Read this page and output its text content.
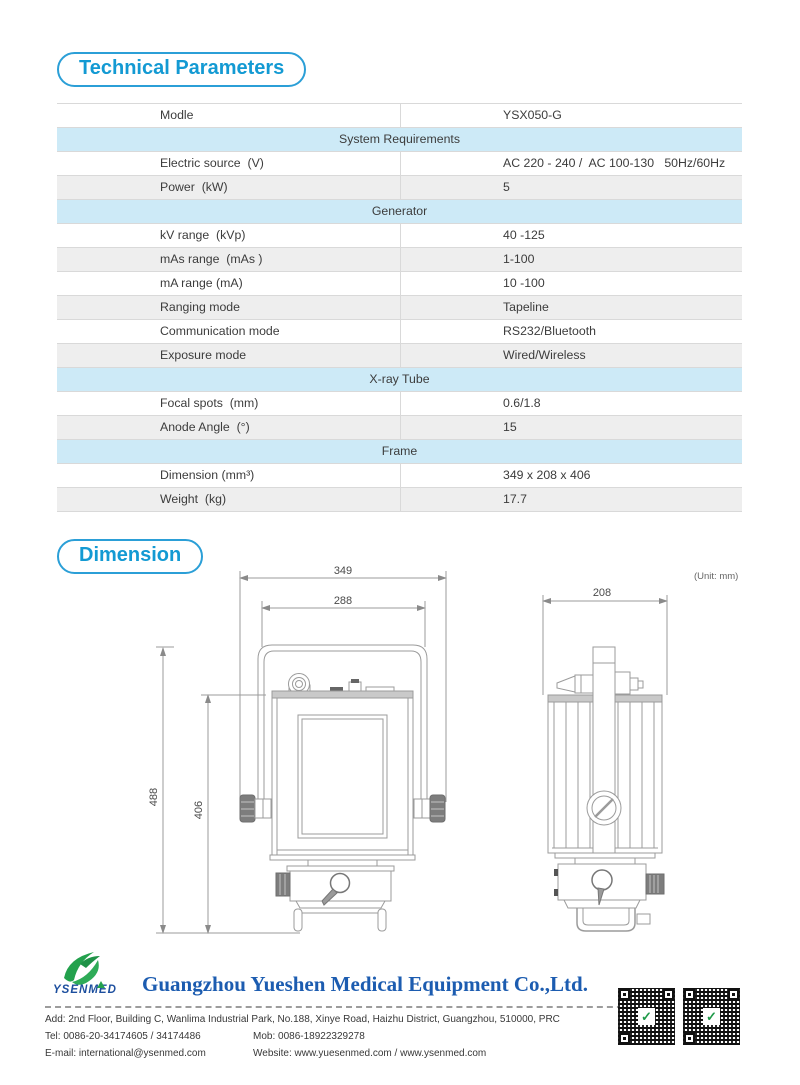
Technical Parameters
Modle	YSX050-G
System Requirements
Electric source  (V)	AC 220 - 240 /  AC 100-130   50Hz/60Hz
Power  (kW)	5
Generator
kV range  (kVp)	40 -125
mAs range  (mAs )	1-100
mA range (mA)	10 -100
Ranging mode	Tapeline
Communication mode	RS232/Bluetooth
Exposure mode	Wired/Wireless
X-ray Tube
Focal spots  (mm)	0.6/1.8
Anode Angle  (°)	15
Frame
Dimension (mm³)	349 x 208 x 406
Weight  (kg)	17.7
Dimension
(Unit: mm)
349
288
488
406
208
YSENMED Guangzhou Yueshen Medical Equipment Co.,Ltd.
Add: 2nd Floor, Building C, Wanlima Industrial Park, No.188, Xinye Road, Haizhu District, Guangzhou, 510000, PRC
Tel: 0086-20-34174605 / 34174486	Mob: 0086-18922329278
E-mail: international@ysenmed.com	Website: www.yuesenmed.com / www.ysenmed.com
✓	✓
